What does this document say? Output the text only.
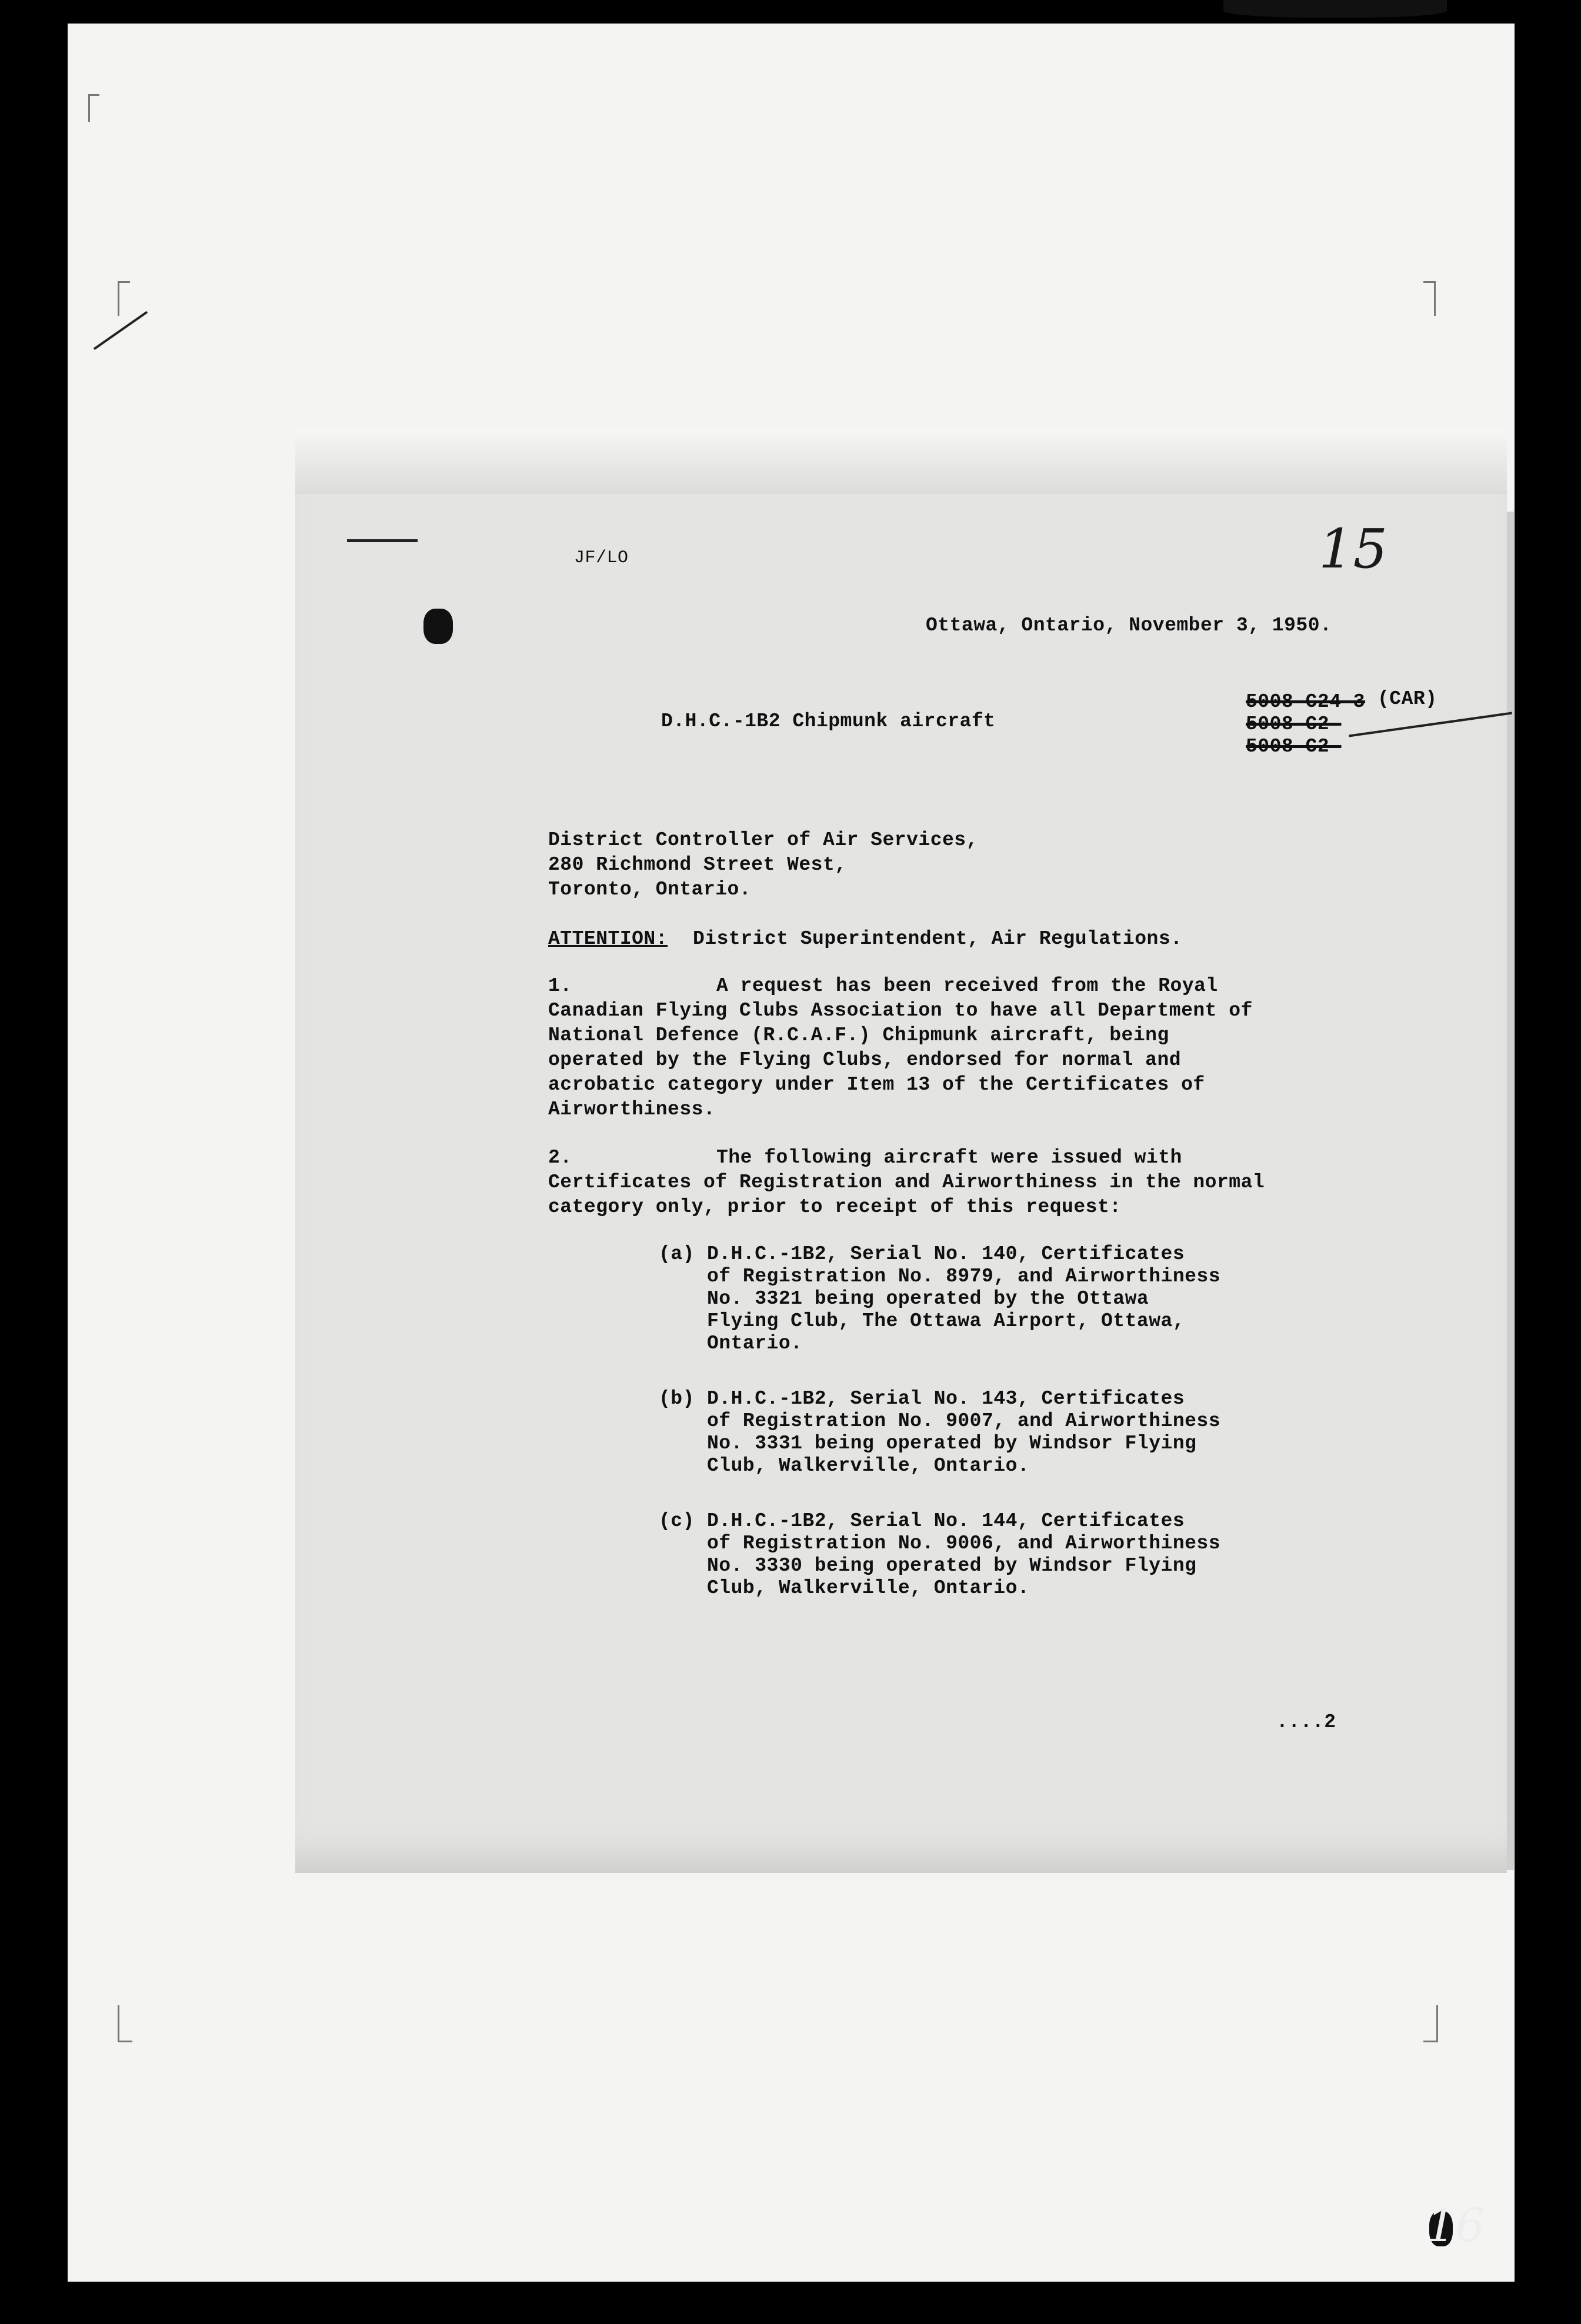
JF/LO	15
Ottawa, Ontario, November 3, 1950.
D.H.C.-1B2 Chipmunk aircraft
5008-C24-3
5008-C2-
5008-C2-
(CAR)
District Controller of Air Services,
280 Richmond Street West,
Toronto, Ontario.
ATTENTION: District Superintendent, Air Regulations.
1.	A request has been received from the Royal
Canadian Flying Clubs Association to have all Department of
National Defence (R.C.A.F.) Chipmunk aircraft, being
operated by the Flying Clubs, endorsed for normal and
acrobatic category under Item 13 of the Certificates of
Airworthiness.
2.	The following aircraft were issued with
Certificates of Registration and Airworthiness in the normal
category only, prior to receipt of this request:
(a) D.H.C.-1B2, Serial No. 140, Certificates
of Registration No. 8979, and Airworthiness
No. 3321 being operated by the Ottawa
Flying Club, The Ottawa Airport, Ottawa,
Ontario.
(b) D.H.C.-1B2, Serial No. 143, Certificates
of Registration No. 9007, and Airworthiness
No. 3331 being operated by Windsor Flying
Club, Walkerville, Ontario.
(c) D.H.C.-1B2, Serial No. 144, Certificates
of Registration No. 9006, and Airworthiness
No. 3330 being operated by Windsor Flying
Club, Walkerville, Ontario.
....2
16
